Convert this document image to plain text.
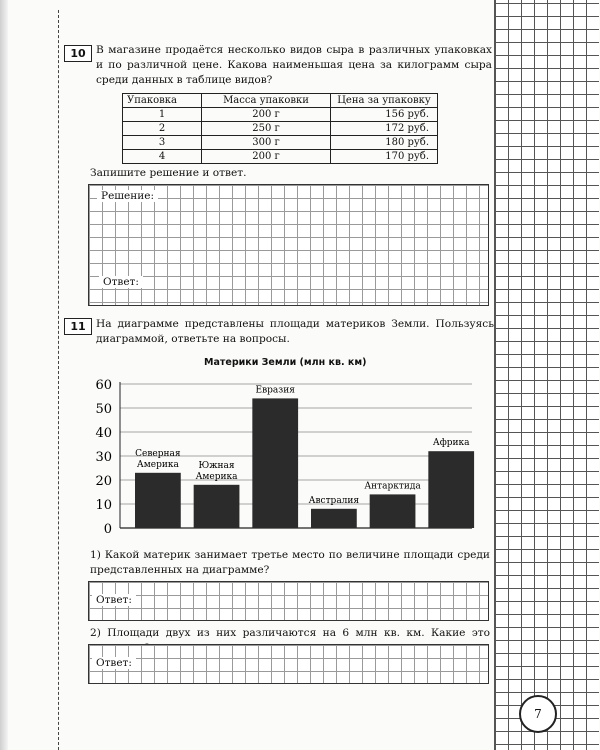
10 В магазине продаётся несколько видов сыра в различных упаковках и по различной цене. Какова наименьшая цена за килограмм сыра среди данных в таблице видов?
Упаковка	Масса упаковки	Цена за упаковку
1	200 г	156 руб.
2	250 г	172 руб.
3	300 г	180 руб.
4	200 г	170 руб.
Запишите решение и ответ.
Решение:
Ответ:
11 На диаграмме представлены площади материков Земли. Пользуясь диаграммой, ответьте на вопросы.
Материки Земли (млн кв. км)
0
10
20
30
40
50
60
Северная
Америка Южная
Америка
Евразия
Австралия
Антарктида
Африка
1) Какой материк занимает третье место по величине площади среди представленных на диаграмме?
Ответ:
2) Площади двух из них различаются на 6 млн кв. км. Какие это
Ответ:
7
